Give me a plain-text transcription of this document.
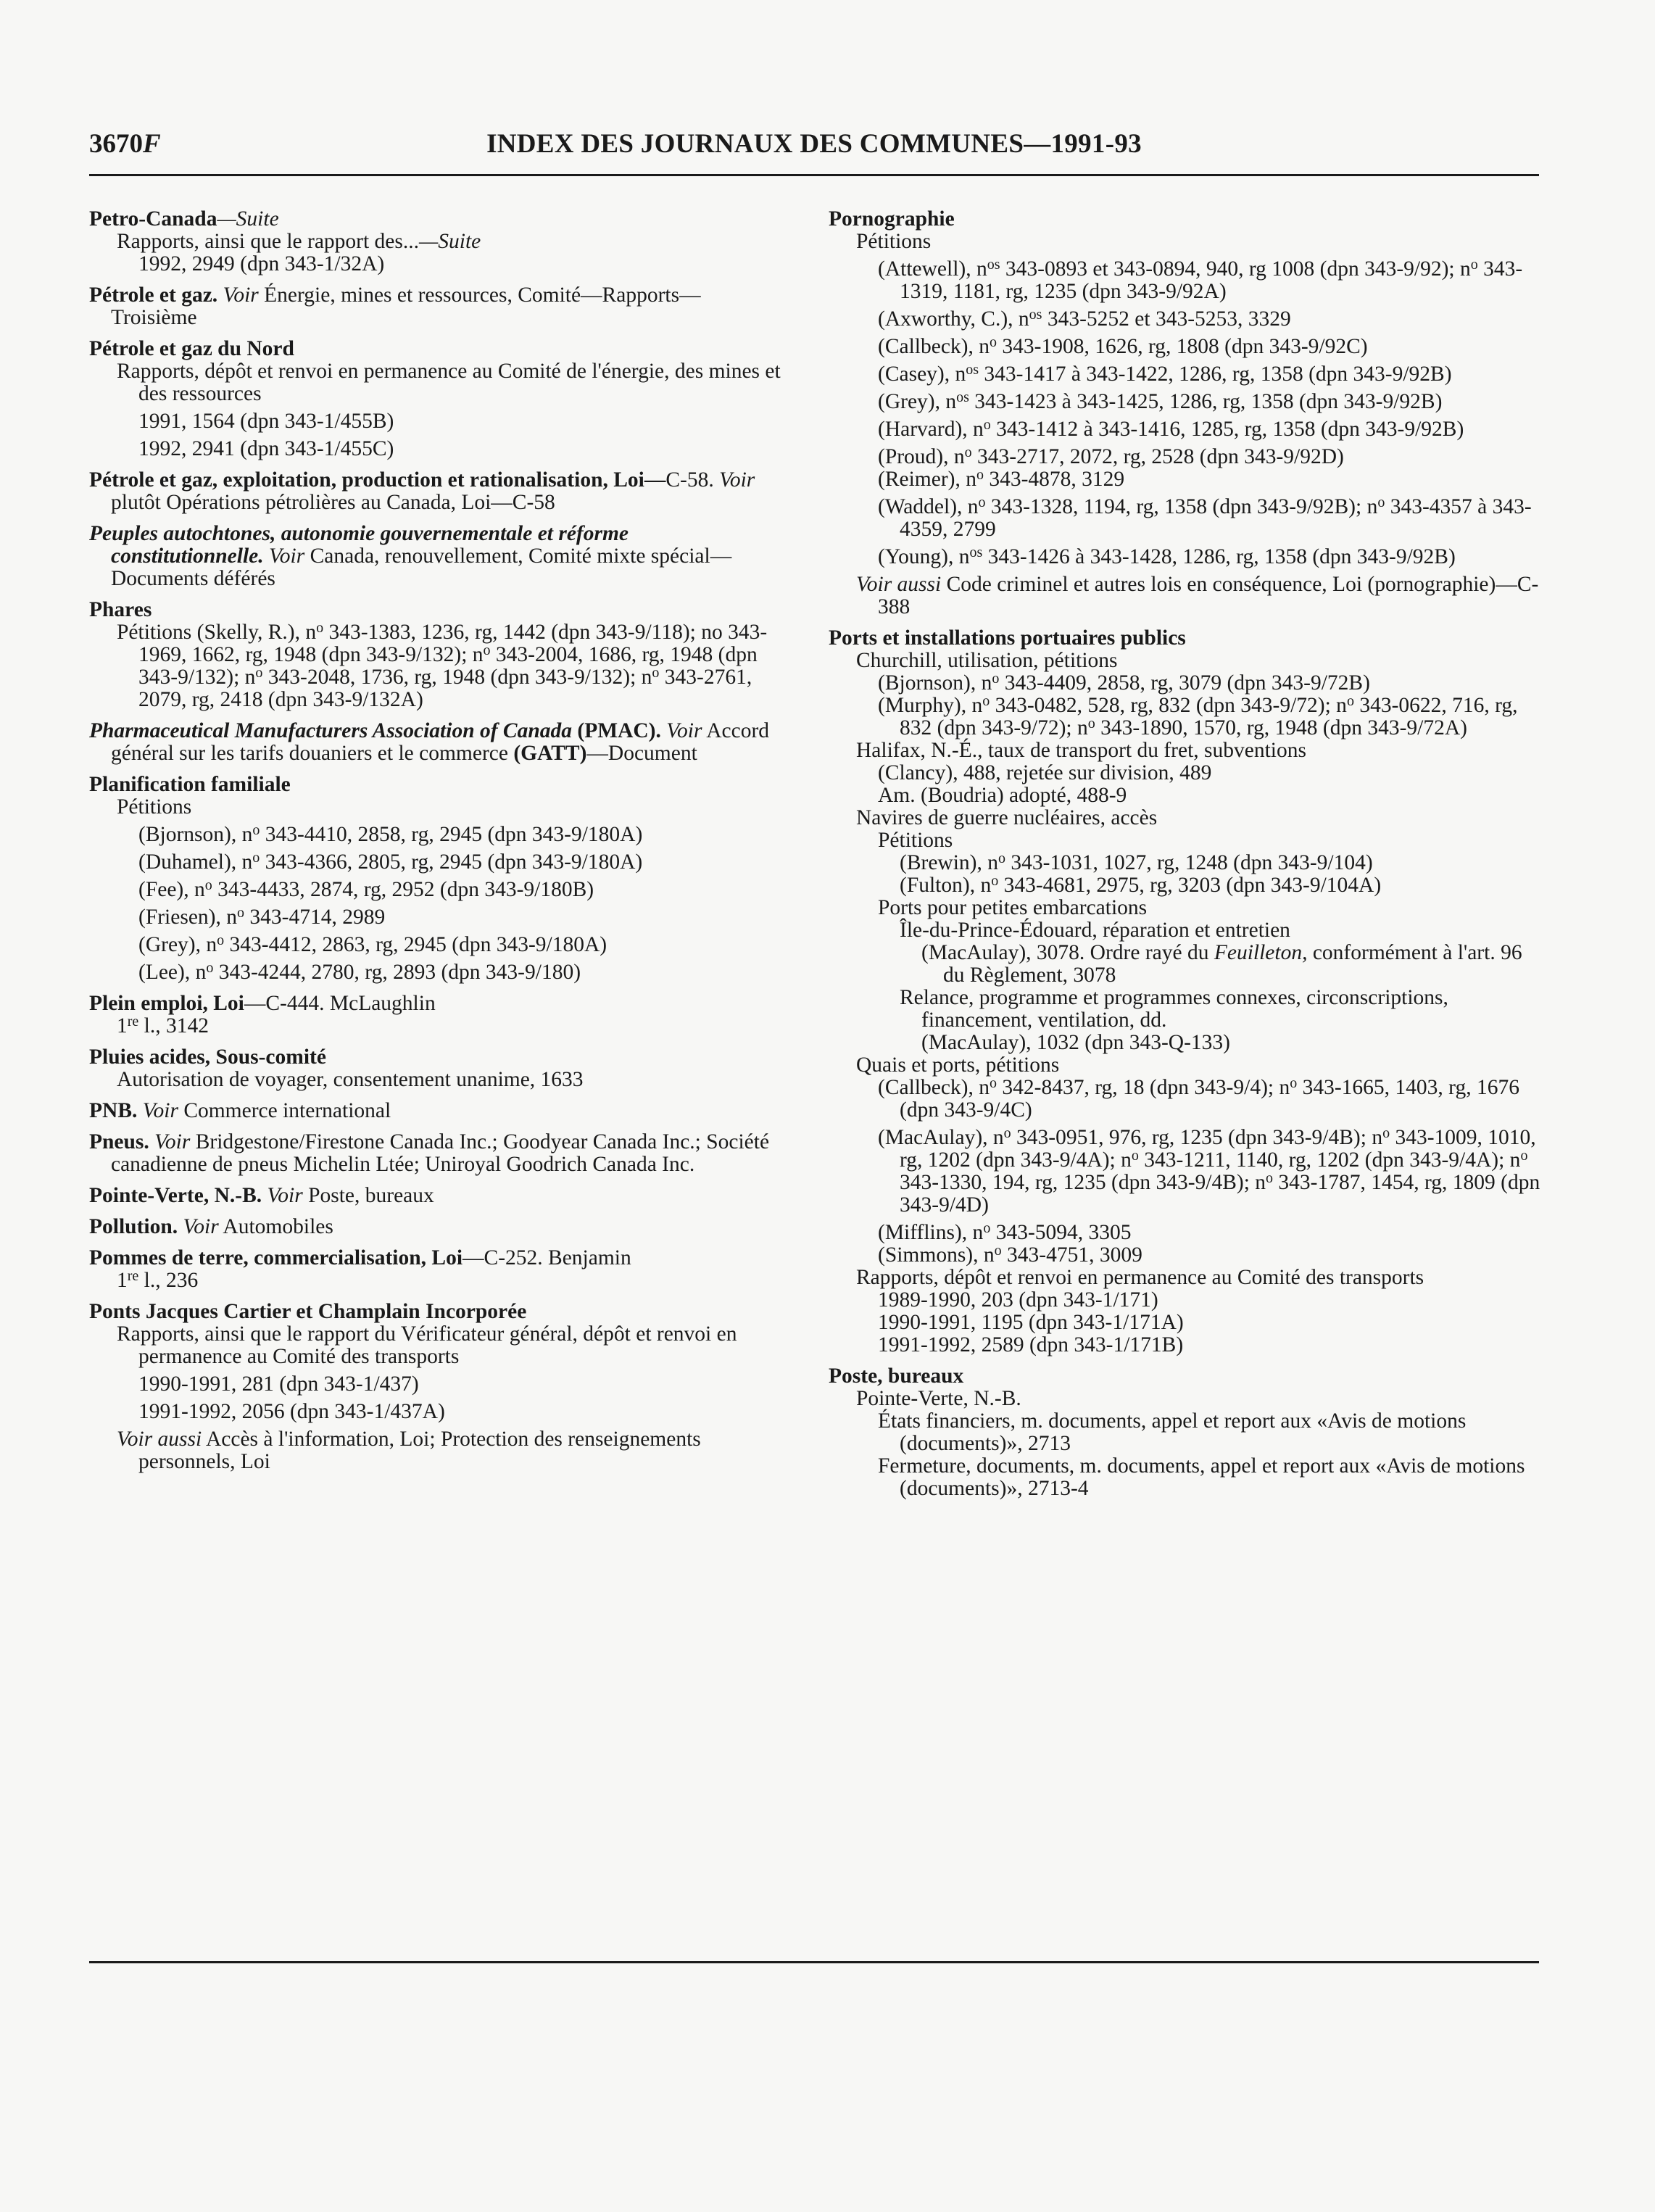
3670F	INDEX DES JOURNAUX DES COMMUNES—1991-93
Petro-Canada—Suite
Rapports, ainsi que le rapport des...—Suite
1992, 2949 (dpn 343-1/32A)
Pétrole et gaz. Voir Énergie, mines et ressources, Comité—Rapports—Troisième
Pétrole et gaz du Nord
Rapports, dépôt et renvoi en permanence au Comité de l'énergie, des mines et des ressources
1991, 1564 (dpn 343-1/455B)
1992, 2941 (dpn 343-1/455C)
Pétrole et gaz, exploitation, production et rationalisation, Loi—C-58. Voir plutôt Opérations pétrolières au Canada, Loi—C-58
Peuples autochtones, autonomie gouvernementale et réforme constitutionnelle. Voir Canada, renouvellement, Comité mixte spécial—Documents déférés
Phares
Pétitions (Skelly, R.), $n^o$ 343-1383, 1236, rg, 1442 (dpn 343-9/118); no 343-1969, 1662, rg, 1948 (dpn 343-9/132); $n^o$ 343-2004, 1686, rg, 1948 (dpn 343-9/132); $n^o$ 343-2048, 1736, rg, 1948 (dpn 343-9/132); $n^o$ 343-2761, 2079, rg, 2418 (dpn 343-9/132A)
Pharmaceutical Manufacturers Association of Canada (PMAC). Voir Accord général sur les tarifs douaniers et le commerce (GATT)—Document
Planification familiale
Pétitions
(Bjornson), $n^o$ 343-4410, 2858, rg, 2945 (dpn 343-9/180A)
(Duhamel), $n^o$ 343-4366, 2805, rg, 2945 (dpn 343-9/180A)
(Fee), $n^o$ 343-4433, 2874, rg, 2952 (dpn 343-9/180B)
(Friesen), $n^o$ 343-4714, 2989
(Grey), $n^o$ 343-4412, 2863, rg, 2945 (dpn 343-9/180A)
(Lee), $n^o$ 343-4244, 2780, rg, 2893 (dpn 343-9/180)
Plein emploi, Loi—C-444. McLaughlin
1re l., 3142
Pluies acides, Sous-comité
Autorisation de voyager, consentement unanime, 1633
PNB. Voir Commerce international
Pneus. Voir Bridgestone/Firestone Canada Inc.; Goodyear Canada Inc.; Société canadienne de pneus Michelin Ltée; Uniroyal Goodrich Canada Inc.
Pointe-Verte, N.-B. Voir Poste, bureaux
Pollution. Voir Automobiles
Pommes de terre, commercialisation, Loi—C-252. Benjamin
1re l., 236
Ponts Jacques Cartier et Champlain Incorporée
Rapports, ainsi que le rapport du Vérificateur général, dépôt et renvoi en permanence au Comité des transports
1990-1991, 281 (dpn 343-1/437)
1991-1992, 2056 (dpn 343-1/437A)
Voir aussi Accès à l'information, Loi; Protection des renseignements personnels, Loi
Pornographie
Pétitions
(Attewell), $n^{os}$ 343-0893 et 343-0894, 940, rg 1008 (dpn 343-9/92); $n^o$ 343-1319, 1181, rg, 1235 (dpn 343-9/92A)
(Axworthy, C.), $n^{os}$ 343-5252 et 343-5253, 3329
(Callbeck), $n^o$ 343-1908, 1626, rg, 1808 (dpn 343-9/92C)
(Casey), $n^{os}$ 343-1417 à 343-1422, 1286, rg, 1358 (dpn 343-9/92B)
(Grey), $n^{os}$ 343-1423 à 343-1425, 1286, rg, 1358 (dpn 343-9/92B)
(Harvard), $n^o$ 343-1412 à 343-1416, 1285, rg, 1358 (dpn 343-9/92B)
(Proud), $n^o$ 343-2717, 2072, rg, 2528 (dpn 343-9/92D)
(Reimer), $n^o$ 343-4878, 3129
(Waddel), $n^o$ 343-1328, 1194, rg, 1358 (dpn 343-9/92B); $n^o$ 343-4357 à 343-4359, 2799
(Young), $n^{os}$ 343-1426 à 343-1428, 1286, rg, 1358 (dpn 343-9/92B)
Voir aussi Code criminel et autres lois en conséquence, Loi (pornographie)—C-388
Ports et installations portuaires publics
Churchill, utilisation, pétitions
(Bjornson), $n^o$ 343-4409, 2858, rg, 3079 (dpn 343-9/72B)
(Murphy), $n^o$ 343-0482, 528, rg, 832 (dpn 343-9/72); $n^o$ 343-0622, 716, rg, 832 (dpn 343-9/72); $n^o$ 343-1890, 1570, rg, 1948 (dpn 343-9/72A)
Halifax, N.-É., taux de transport du fret, subventions
(Clancy), 488, rejetée sur division, 489
Am. (Boudria) adopté, 488-9
Navires de guerre nucléaires, accès
Pétitions
(Brewin), $n^o$ 343-1031, 1027, rg, 1248 (dpn 343-9/104)
(Fulton), $n^o$ 343-4681, 2975, rg, 3203 (dpn 343-9/104A)
Ports pour petites embarcations
Île-du-Prince-Édouard, réparation et entretien
(MacAulay), 3078. Ordre rayé du Feuilleton, conformément à l'art. 96 du Règlement, 3078
Relance, programme et programmes connexes, circonscriptions, financement, ventilation, dd.
(MacAulay), 1032 (dpn 343-Q-133)
Quais et ports, pétitions
(Callbeck), $n^o$ 342-8437, rg, 18 (dpn 343-9/4); $n^o$ 343-1665, 1403, rg, 1676 (dpn 343-9/4C)
(MacAulay), $n^o$ 343-0951, 976, rg, 1235 (dpn 343-9/4B); $n^o$ 343-1009, 1010, rg, 1202 (dpn 343-9/4A); $n^o$ 343-1211, 1140, rg, 1202 (dpn 343-9/4A); $n^o$ 343-1330, 194, rg, 1235 (dpn 343-9/4B); $n^o$ 343-1787, 1454, rg, 1809 (dpn 343-9/4D)
(Mifflins), $n^o$ 343-5094, 3305
(Simmons), $n^o$ 343-4751, 3009
Rapports, dépôt et renvoi en permanence au Comité des transports
1989-1990, 203 (dpn 343-1/171)
1990-1991, 1195 (dpn 343-1/171A)
1991-1992, 2589 (dpn 343-1/171B)
Poste, bureaux
Pointe-Verte, N.-B.
États financiers, m. documents, appel et report aux «Avis de motions (documents)», 2713
Fermeture, documents, m. documents, appel et report aux «Avis de motions (documents)», 2713-4
